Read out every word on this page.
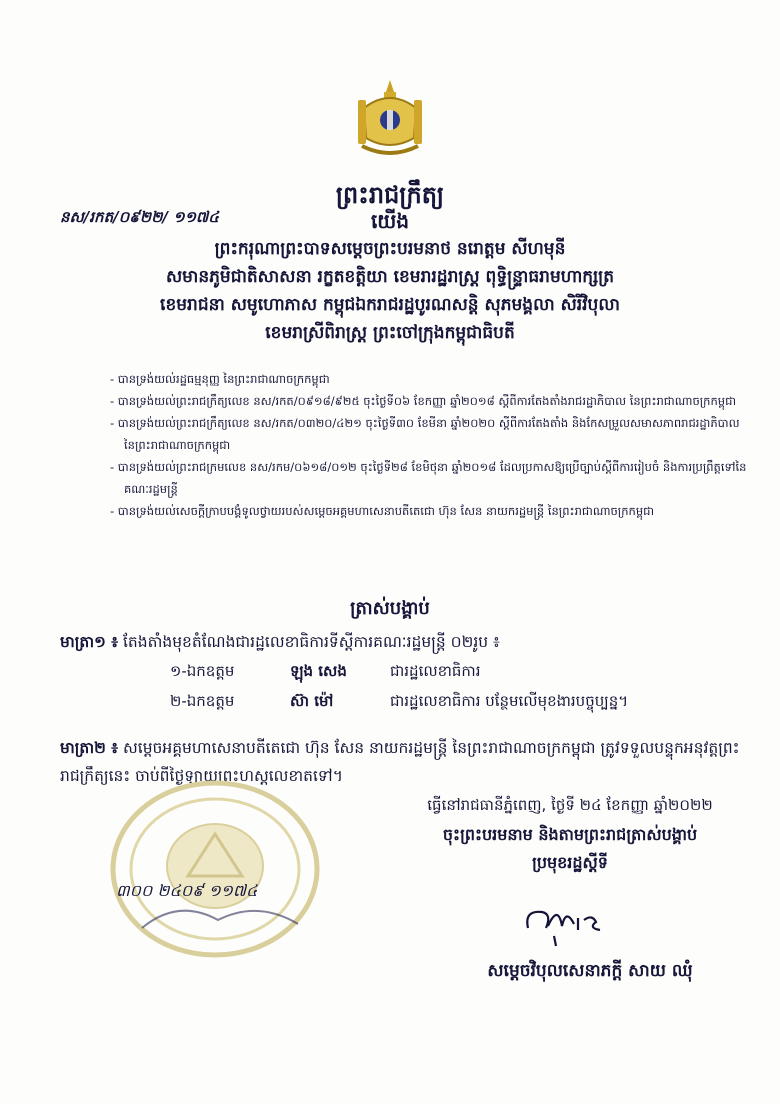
ព្រះរាជក្រឹត្យ
នស/រកត/០៩២២/ ១១៧៤	យើង
ព្រះករុណាព្រះបាទសម្តេចព្រះបរមនាថ នរោត្តម សីហមុនី
សមានភូមិជាតិសាសនា រក្ខតខត្តិយា ខេមរារដ្ឋរាស្ត្រ ពុទ្ធិន្ទ្រាធរាមហាក្សត្រ
ខេមរាជនា សមូហោភាស កម្ពុជឯករាជរដ្ឋបូរណសន្តិ សុភមង្គលា សិរីវិបុលា
ខេមរាស្រីពិរាស្ត្រ ព្រះចៅក្រុងកម្ពុជាធិបតី
- បានទ្រង់យល់រដ្ឋធម្មនុញ្ញ នៃព្រះរាជាណាចក្រកម្ពុជា
- បានទ្រង់យល់ព្រះរាជក្រឹត្យលេខ នស/រកត/០៩១៨/៩២៥ ចុះថ្ងៃទី០៦ ខែកញ្ញា ឆ្នាំ២០១៨ ស្តីពីការតែងតាំងរាជរដ្ឋាភិបាល នៃព្រះរាជាណាចក្រកម្ពុជា
- បានទ្រង់យល់ព្រះរាជក្រឹត្យលេខ នស/រកត/០៣២០/៤២១ ចុះថ្ងៃទី៣០ ខែមីនា ឆ្នាំ២០២០ ស្តីពីការតែងតាំង និងកែសម្រួលសមាសភាពរាជរដ្ឋាភិបាល នៃព្រះរាជាណាចក្រកម្ពុជា
- បានទ្រង់យល់ព្រះរាជក្រមលេខ នស/រកម/០៦១៨/០១២ ចុះថ្ងៃទី២៨ ខែមិថុនា ឆ្នាំ២០១៨ ដែលប្រកាសឱ្យប្រើច្បាប់ស្តីពីការរៀបចំ និងការប្រព្រឹត្តទៅនៃគណៈរដ្ឋមន្ត្រី
- បានទ្រង់យល់សេចក្តីក្រាបបង្គំទូលថ្វាយរបស់សម្តេចអគ្គមហាសេនាបតីតេជោ ហ៊ុន សែន នាយករដ្ឋមន្ត្រី នៃព្រះរាជាណាចក្រកម្ពុជា
ត្រាស់បង្គាប់
មាត្រា១ ៖ តែងតាំងមុខតំណែងជារដ្ឋលេខាធិការទីស្តីការគណៈរដ្ឋមន្ត្រី ០២រូប ៖
១-ឯកឧត្តម	ឡុង សេង	ជារដ្ឋលេខាធិការ
២-ឯកឧត្តម	ស៊ា ម៉ៅ	ជារដ្ឋលេខាធិការ បន្ថែមលើមុខងារបច្ចុប្បន្ន។
មាត្រា២ ៖ សម្តេចអគ្គមហាសេនាបតីតេជោ ហ៊ុន សែន នាយករដ្ឋមន្ត្រី នៃព្រះរាជាណាចក្រកម្ពុជា ត្រូវទទួលបន្ទុកអនុវត្តព្រះរាជក្រឹត្យនេះ ចាប់ពីថ្ងៃឡាយព្រះហស្តលេខាតទៅ។
៣០០ ២៤០៩ ១១៧៤
ធ្វើនៅរាជធានីភ្នំពេញ, ថ្ងៃទី ២៤ ខែកញ្ញា ឆ្នាំ២០២២
ចុះព្រះបរមនាម និងតាមព្រះរាជត្រាស់បង្គាប់
ប្រមុខរដ្ឋស្តីទី
សម្តេចវិបុលសេនាភក្តី សាយ ឈុំ
